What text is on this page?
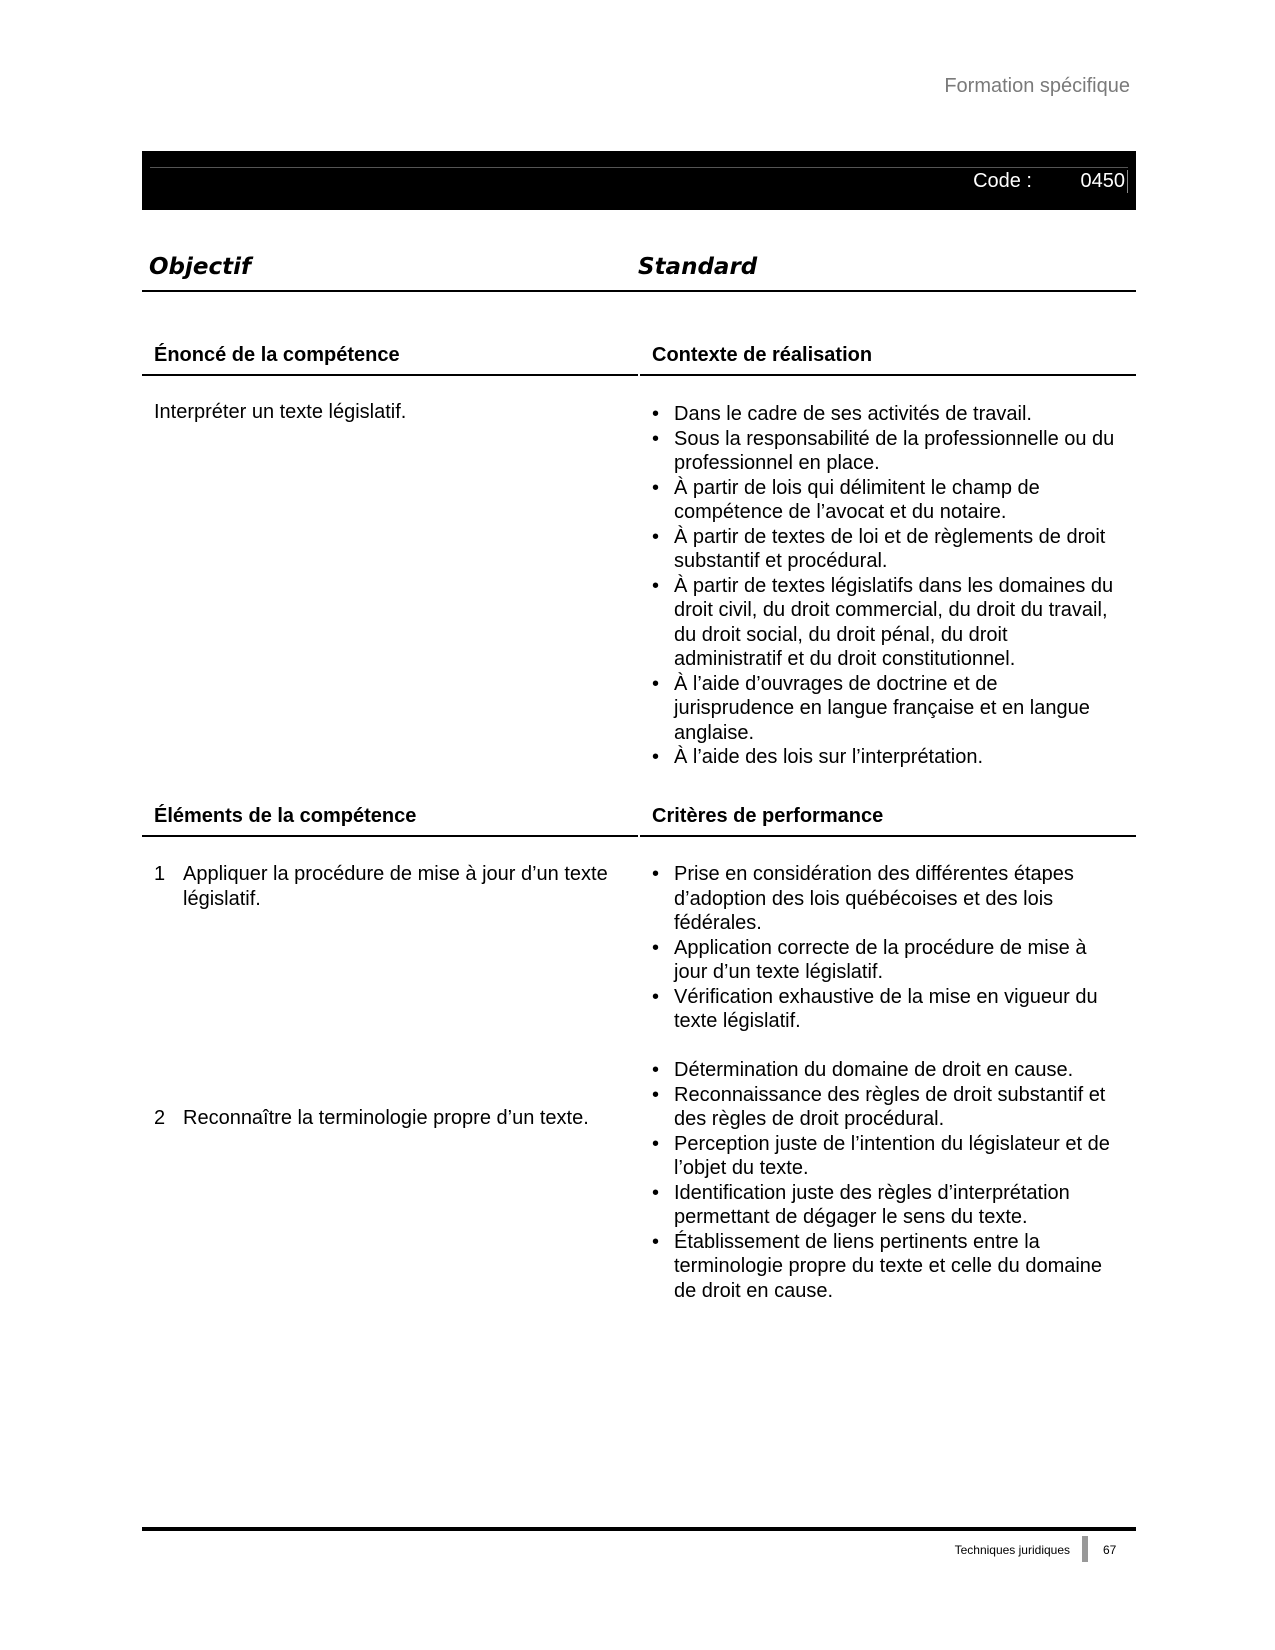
Formation spécifique
Code : 0450
Objectif	Standard
Énoncé de la compétence	Contexte de réalisation
Interpréter un texte législatif.
•	Dans le cadre de ses activités de travail.
• Sous la responsabilité de la professionnelle ou du professionnel en place.
• À partir de lois qui délimitent le champ de compétence de l’avocat et du notaire.
• À partir de textes de loi et de règlements de droit substantif et procédural.
• À partir de textes législatifs dans les domaines du droit civil, du droit commercial, du droit du travail, du droit social, du droit pénal, du droit administratif et du droit constitutionnel.
• À l’aide d’ouvrages de doctrine et de jurisprudence en langue française et en langue anglaise.
• À l’aide des lois sur l’interprétation.
Éléments de la compétence	Critères de performance
1 Appliquer la procédure de mise à jour d’un texte législatif.
• Prise en considération des différentes étapes d’adoption des lois québécoises et des lois fédérales.
• Application correcte de la procédure de mise à jour d’un texte législatif.
• Vérification exhaustive de la mise en vigueur du texte législatif.
2 Reconnaître la terminologie propre d’un texte.
• Détermination du domaine de droit en cause.
• Reconnaissance des règles de droit substantif et des règles de droit procédural.
• Perception juste de l’intention du législateur et de l’objet du texte.
• Identification juste des règles d’interprétation permettant de dégager le sens du texte.
• Établissement de liens pertinents entre la terminologie propre du texte et celle du domaine de droit en cause.
Techniques juridiques	67
